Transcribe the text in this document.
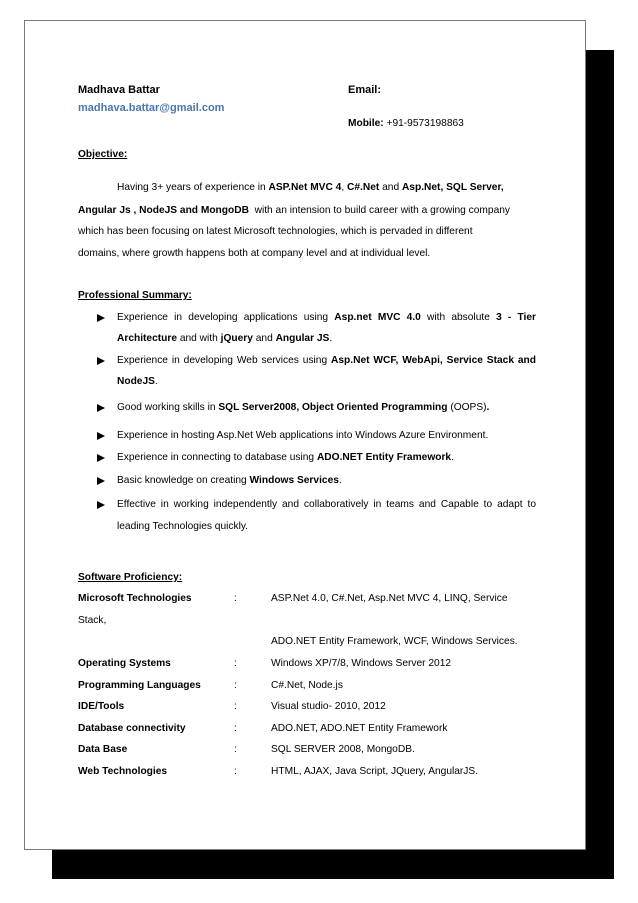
Madhava Battar	Email:
madhava.battar@gmail.com
Mobile: +91-9573198863
Objective:
Having 3+ years of experience in ASP.Net MVC 4, C#.Net and Asp.Net, SQL Server,
Angular Js , NodeJS and MongoDB  with an intension to build career with a growing company
which has been focusing on latest Microsoft technologies, which is pervaded in different
domains, where growth happens both at company level and at individual level.
Professional Summary:
Experience in developing applications using Asp.net MVC 4.0 with absolute 3 - Tier
Architecture and with jQuery and Angular JS.
Experience in developing Web services using Asp.Net WCF, WebApi, Service Stack and
NodeJS.
Good working skills in SQL Server2008, Object Oriented Programming (OOPS).
Experience in hosting Asp.Net Web applications into Windows Azure Environment.
Experience in connecting to database using ADO.NET Entity Framework.
Basic knowledge on creating Windows Services.
Effective in working independently and collaboratively in teams and Capable to adapt to
leading Technologies quickly.
Software Proficiency:
Microsoft Technologies	:	ASP.Net 4.0, C#.Net, Asp.Net MVC 4, LINQ, Service
Stack,
ADO.NET Entity Framework, WCF, Windows Services.
Operating Systems	:	Windows XP/7/8, Windows Server 2012
Programming Languages	:	C#.Net, Node.js
IDE/Tools	:	Visual studio- 2010, 2012
Database connectivity	:	ADO.NET, ADO.NET Entity Framework
Data Base	:	SQL SERVER 2008, MongoDB.
Web Technologies	:	HTML, AJAX, Java Script, JQuery, AngularJS.
